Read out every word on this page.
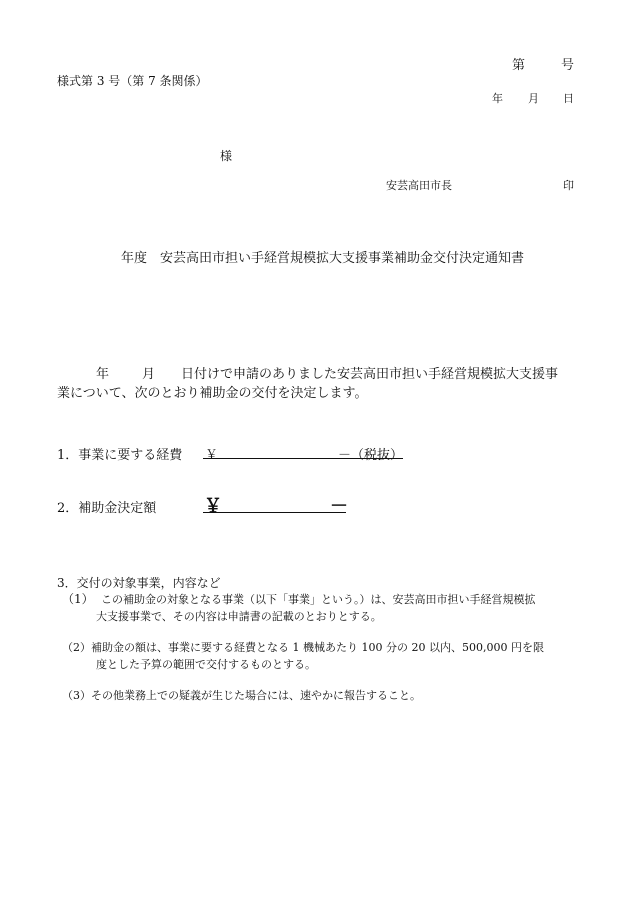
第	号
様式第 3 号（第 7 条関係）
年 月 日
様
安芸高田市長	印
年度　安芸高田市担い手経営規模拡大支援事業補助金交付決定通知書
年	月 日付けで申請のありました安芸高田市担い手経営規模拡大支援事
業について、次のとおり補助金の交付を決定します。
1．事業に要する経費 ￥	－（税抜）
2．補助金決定額	￥	－
3．交付の対象事業，内容など
（1） この補助金の対象となる事業（以下「事業」という。）は、安芸高田市担い手経営規模拡
大支援事業で、その内容は申請書の記載のとおりとする。
（2）補助金の額は、事業に要する経費となる 1 機械あたり 100 分の 20 以内、500,000 円を限
度とした予算の範囲で交付するものとする。
（3）その他業務上での疑義が生じた場合には、速やかに報告すること。
